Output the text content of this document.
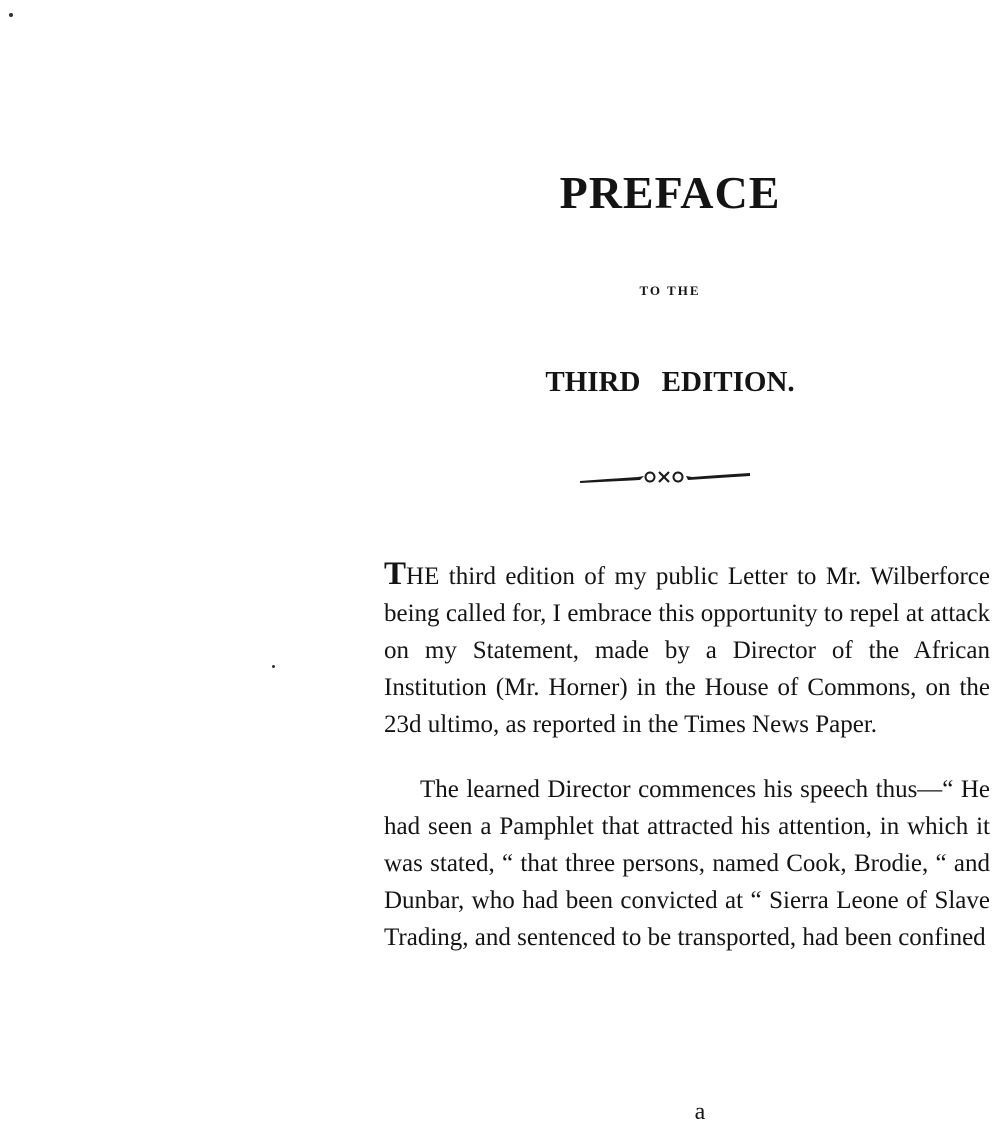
PREFACE
TO THE
THIRD EDITION.

THE third edition of my public Letter to Mr. Wilberforce being called for, I embrace this opportunity to repel at attack on my Statement, made by a Director of the African Institution (Mr. Horner) in the House of Commons, on the 23d ultimo, as reported in the Times News Paper.

The learned Director commences his speech thus—“ He had seen a Pamphlet that attracted his attention, in which it was stated, “ that three persons, named Cook, Brodie, “ and Dunbar, who had been convicted at “ Sierra Leone of Slave Trading, and sentenced to be transported, had been confined

a
